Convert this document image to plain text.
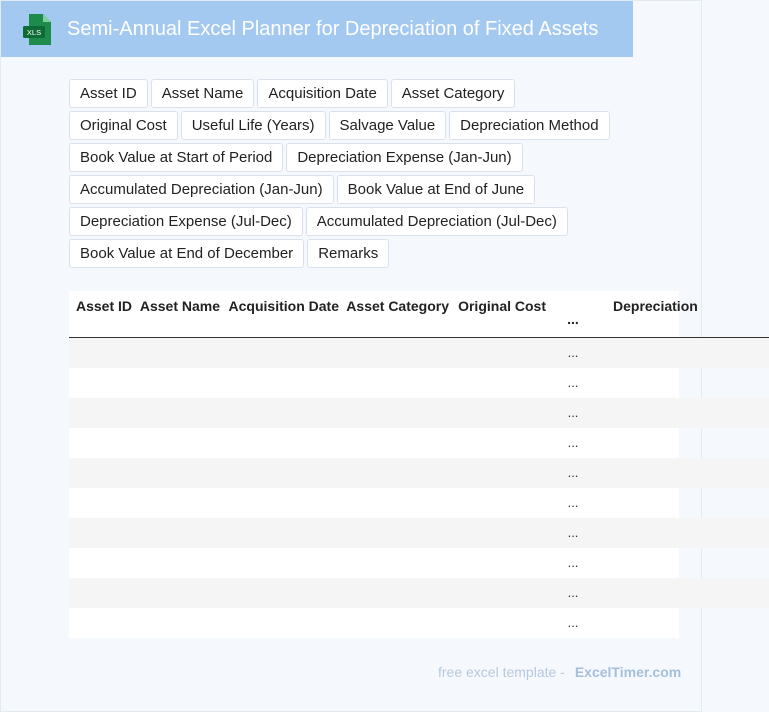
XLS Semi-Annual Excel Planner for Depreciation of Fixed Assets
Asset ID	Asset Name	Acquisition Date	Asset Category
Original Cost	Useful Life (Years)	Salvage Value	Depreciation Method
Book Value at Start of Period	Depreciation Expense (Jan-Jun)
Accumulated Depreciation (Jan-Jun)	Book Value at End of June
Depreciation Expense (Jul-Dec)	Accumulated Depreciation (Jul-Dec)
Book Value at End of December	Remarks
Asset ID	Asset Name	Acquisition Date	Asset Category	Original Cost	...	Depreciation
					...	
					...	
					...	
					...	
					...	
					...	
					...	
					...	
					...	
					...	
free excel template - ExcelTimer.com
